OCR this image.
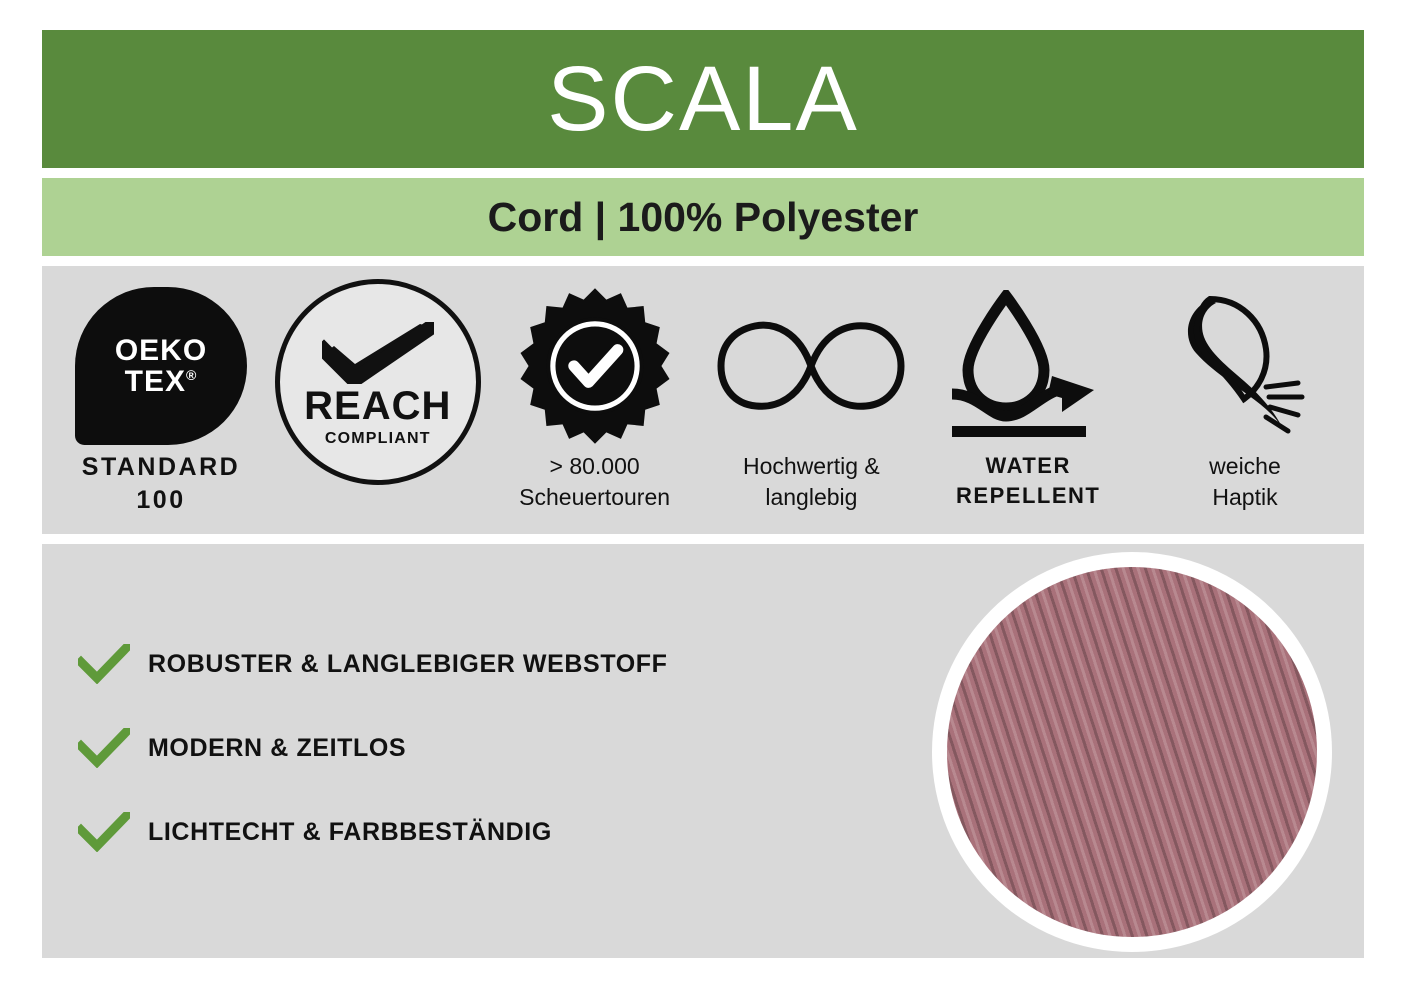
SCALA
Cord | 100% Polyester
OEKO
TEX®
STANDARD
100
REACH
COMPLIANT
> 80.000
Scheuertouren
Hochwertig &
langlebig
WATER
REPELLENT
weiche
Haptik
ROBUSTER & LANGLEBIGER WEBSTOFF
MODERN & ZEITLOS
LICHTECHT & FARBBESTÄNDIG
